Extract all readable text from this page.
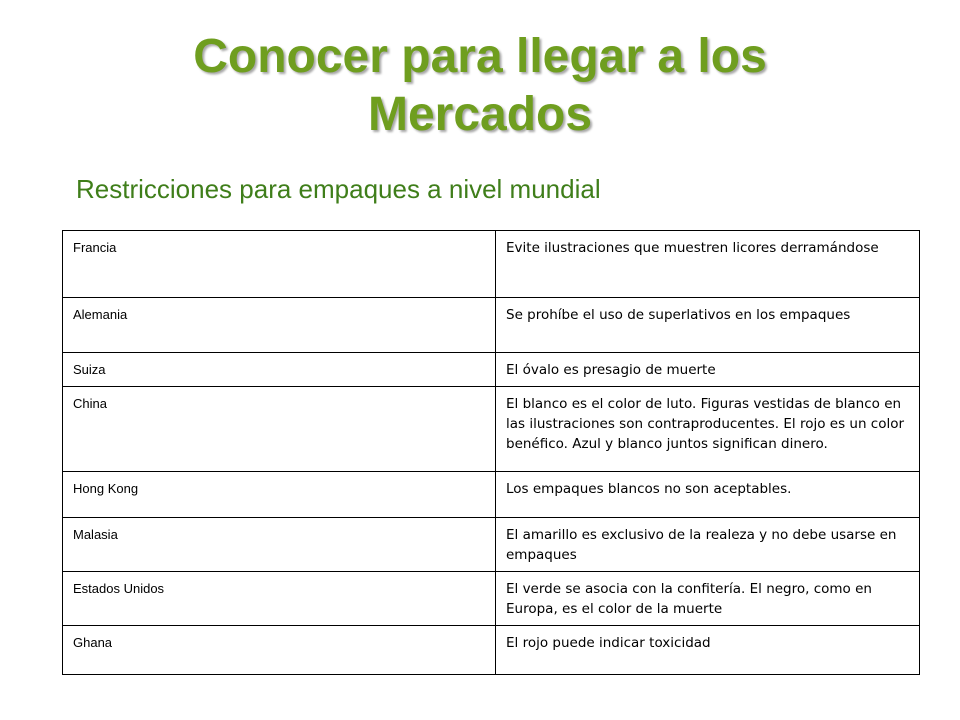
Conocer para llegar a los
Mercados

Restricciones para empaques a nivel mundial

Francia	Evite ilustraciones que muestren licores derramándose
Alemania	Se prohíbe el uso de superlativos en los empaques
Suiza	El óvalo es presagio de muerte
China	El blanco es el color de luto. Figuras vestidas de blanco en las ilustraciones son contraproducentes. El rojo es un color benéfico. Azul y blanco juntos significan dinero.
Hong Kong	Los empaques blancos no son aceptables.
Malasia	El amarillo es exclusivo de la realeza y no debe usarse en empaques
Estados Unidos	El verde se asocia con la confitería. El negro, como en Europa, es el color de la muerte
Ghana	El rojo puede indicar toxicidad
